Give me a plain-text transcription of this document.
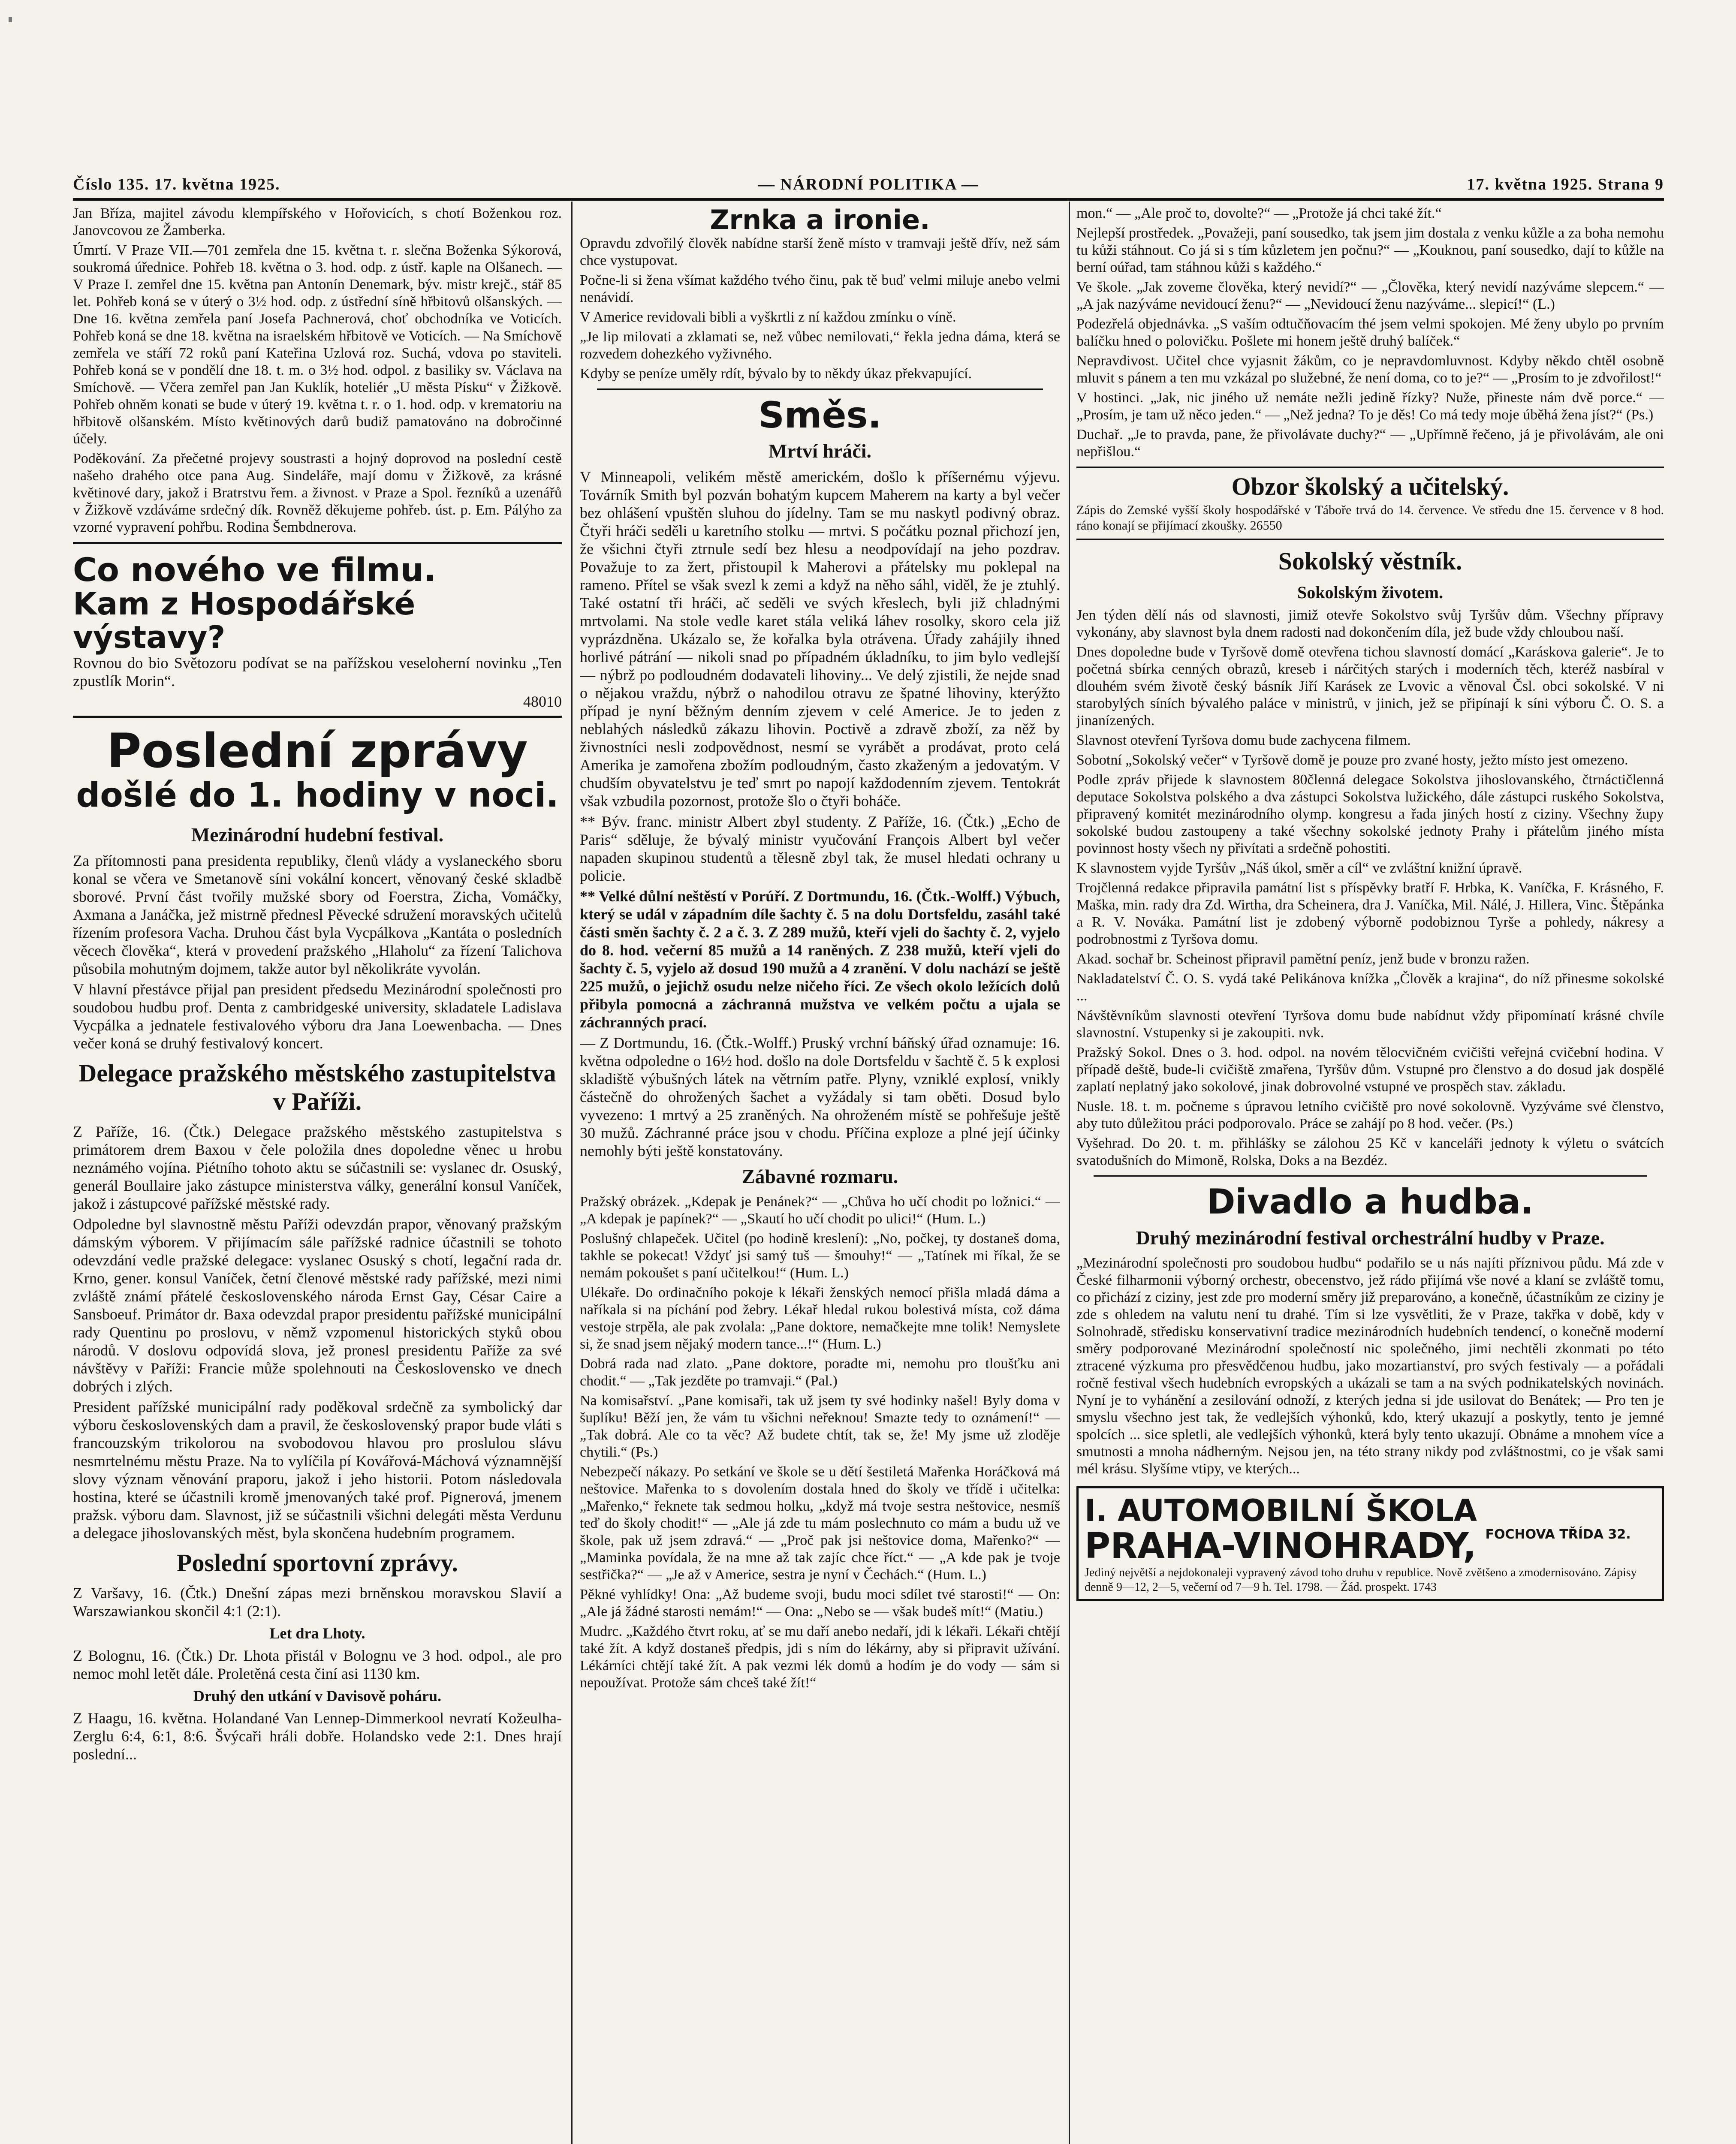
Číslo 135. 17. května 1925.	— NÁRODNÍ POLITIKA —	17. května 1925. Strana 9

Jan Bříza, majitel závodu klempířského v Hořovicích, s chotí Boženkou roz. Janovcovou ze Žamberka.

Úmrtí. V Praze VII.—701 zemřela dne 15. května t. r. slečna Boženka Sýkorová, soukromá úřednice. Pohřeb 18. května o 3. hod. odp. z ústř. kaple na Olšanech. — V Praze I. zemřel dne 15. května pan Antonín Denemark, býv. mistr krejč., stář 85 let. Pohřeb koná se v úterý o 3½ hod. odp. z ústřední síně hřbitovů olšanských. — Dne 16. května zemřela paní Josefa Pachnerová, choť obchodníka ve Voticích. Pohřeb koná se dne 18. května na israelském hřbitově ve Voticích. — Na Smíchově zemřela ve stáří 72 roků paní Kateřina Uzlová roz. Suchá, vdova po staviteli. Pohřeb koná se v pondělí dne 18. t. m. o 3½ hod. odpol. z basiliky sv. Václava na Smíchově. — Včera zemřel pan Jan Kuklík, hoteliér „U města Písku“ v Žižkově. Pohřeb ohněm konati se bude v úterý 19. května t. r. o 1. hod. odp. v krematoriu na hřbitově olšanském. Místo květinových darů budiž pamatováno na dobročinné účely.

Poděkování. Za přečetné projevy soustrasti a hojný doprovod na poslední cestě našeho drahého otce pana Aug. Sindeláře, mají domu v Žižkově, za krásné květinové dary, jakož i Bratrstvu řem. a živnost. v Praze a Spol. řezníků a uzenářů v Žižkově vzdáváme srdečný dík. Rovněž děkujeme pohřeb. úst. p. Em. Pálýho za vzorné vypravení pohřbu. Rodina Šembdnerova.

Co nového ve filmu.
Kam z Hospodářské výstavy?

Rovnou do bio Světozoru podívat se na pařížskou veseloherní novinku „Ten zpustlík Morin“.

48010

Poslední zprávy
došlé do 1. hodiny v noci.
Mezinárodní hudební festival.

Za přítomnosti pana presidenta republiky, členů vlády a vyslaneckého sboru konal se včera ve Smetanově síni vokální koncert, věnovaný české skladbě sborové. První část tvořily mužské sbory od Foerstra, Zicha, Vomáčky, Axmana a Janáčka, jež mistrně přednesl Pěvecké sdružení moravských učitelů řízením profesora Vacha. Druhou část byla Vycpálkova „Kantáta o posledních věcech člověka“, která v provedení pražského „Hlaholu“ za řízení Talichova působila mohutným dojmem, takže autor byl několikráte vyvolán.

V hlavní přestávce přijal pan president předsedu Mezinárodní společnosti pro soudobou hudbu prof. Denta z cambridgeské university, skladatele Ladislava Vycpálka a jednatele festivalového výboru dra Jana Loewenbacha. — Dnes večer koná se druhý festivalový koncert.

Delegace pražského městského zastupitelstva v Paříži.

Z Paříže, 16. (Čtk.) Delegace pražského městského zastupitelstva s primátorem drem Baxou v čele položila dnes dopoledne věnec u hrobu neznámého vojína. Piétního tohoto aktu se súčastnili se: vyslanec dr. Osuský, generál Boullaire jako zástupce ministerstva války, generální konsul Vaníček, jakož i zástupcové pařížské městské rady.

Odpoledne byl slavnostně městu Paříži odevzdán prapor, věnovaný pražským dámským výborem. V přijímacím sále pařížské radnice účastnili se tohoto odevzdání vedle pražské delegace: vyslanec Osuský s chotí, legační rada dr. Krno, gener. konsul Vaníček, četní členové městské rady pařížské, mezi nimi zvláště známí přátelé československého národa Ernst Gay, César Caire a Sansboeuf. Primátor dr. Baxa odevzdal prapor presidentu pařížské municipální rady Quentinu po proslovu, v němž vzpomenul historických styků obou národů. V doslovu odpovídá slova, jež pronesl presidentu Paříže za své návštěvy v Paříži: Francie může spolehnouti na Československo ve dnech dobrých i zlých.

President pařížské municipální rady poděkoval srdečně za symbolický dar výboru československých dam a pravil, že československý prapor bude vláti s francouzským trikolorou na svobodovou hlavou pro proslulou slávu nesmrtelnému městu Praze. Na to vylíčila pí Kovářová-Máchová významnější slovy význam věnování praporu, jakož i jeho historii. Potom následovala hostina, které se účastnili kromě jmenovaných také prof. Pignerová, jmenem pražsk. výboru dam. Slavnost, již se súčastnili všichni delegáti města Verdunu a delegace jihoslovanských měst, byla skončena hudebním programem.

Poslední sportovní zprávy.

Z Varšavy, 16. (Čtk.) Dnešní zápas mezi brněnskou moravskou Slavií a Warszawiankou skončil 4:1 (2:1).

Let dra Lhoty.

Z Bolognu, 16. (Čtk.) Dr. Lhota přistál v Bolognu ve 3 hod. odpol., ale pro nemoc mohl letět dále. Proletěná cesta činí asi 1130 km.

Druhý den utkání v Davisově poháru.

Z Haagu, 16. května. Holandané Van Lennep-Dimmerkool nevratí Kožeulha-Zerglu 6:4, 6:1, 8:6. Švýcaři hráli dobře. Holandsko vede 2:1. Dnes hrají poslední...

Zrnka a ironie.

Opravdu zdvořilý člověk nabídne starší ženě místo v tramvaji ještě dřív, než sám chce vystupovat.

Počne-li si žena všímat každého tvého činu, pak tě buď velmi miluje anebo velmi nenávidí.

V Americe revidovali bibli a vyškrtli z ní každou zmínku o víně.

„Je lip milovati a zklamati se, než vůbec nemilovati,“ řekla jedna dáma, která se rozvedem dohezkého vyživného.

Kdyby se peníze uměly rdít, bývalo by to někdy úkaz překvapující.

Směs.
Mrtví hráči.

V Minneapoli, velikém městě americkém, došlo k příšernému výjevu. Továrník Smith byl pozván bohatým kupcem Maherem na karty a byl večer bez ohlášení vpuštěn sluhou do jídelny. Tam se mu naskytl podivný obraz. Čtyři hráči seděli u karetního stolku — mrtvi. S počátku poznal přichozí jen, že všichni čtyři ztrnule sedí bez hlesu a neodpovídají na jeho pozdrav. Považuje to za žert, přistoupil k Maherovi a přátelsky mu poklepal na rameno. Přítel se však svezl k zemi a když na něho sáhl, viděl, že je ztuhlý. Také ostatní tři hráči, ač seděli ve svých křeslech, byli již chladnými mrtvolami. Na stole vedle karet stála veliká láhev rosolky, skoro cela již vyprázdněna. Ukázalo se, že kořalka byla otrávena. Úřady zahájily ihned horlivé pátrání — nikoli snad po případném úkladníku, to jim bylo vedlejší — nýbrž po podloudném dodavateli lihoviny... Ve delý zjistili, že nejde snad o nějakou vraždu, nýbrž o nahodilou otravu ze špatné lihoviny, kterýžto případ je nyní běžným denním zjevem v celé Americe. Je to jeden z neblahých následků zákazu lihovin. Poctivě a zdravě zboží, za něž by živnostníci nesli zodpovědnost, nesmí se vyrábět a prodávat, proto celá Amerika je zamořena zbožím podloudným, často zkaženým a jedovatým. V chudším obyvatelstvu je teď smrt po napojí každodenním zjevem. Tentokrát však vzbudila pozornost, protože šlo o čtyři boháče.

** Býv. franc. ministr Albert zbyl studenty. Z Paříže, 16. (Čtk.) „Echo de Paris“ sděluje, že bývalý ministr vyučování François Albert byl večer napaden skupinou studentů a tělesně zbyl tak, že musel hledati ochrany u policie.

** Velké důlní neštěstí v Porúří. Z Dortmundu, 16. (Čtk.-Wolff.) Výbuch, který se udál v západním díle šachty č. 5 na dolu Dortsfeldu, zasáhl také části směn šachty č. 2 a č. 3. Z 289 mužů, kteří vjeli do šachty č. 2, vyjelo do 8. hod. večerní 85 mužů a 14 raněných. Z 238 mužů, kteří vjeli do šachty č. 5, vyjelo až dosud 190 mužů a 4 zranění. V dolu nachází se ještě 225 mužů, o jejichž osudu nelze ničeho říci. Ze všech okolo ležících dolů přibyla pomocná a záchranná mužstva ve velkém počtu a ujala se záchranných prací.

— Z Dortmundu, 16. (Čtk.-Wolff.) Pruský vrchní báňský úřad oznamuje: 16. května odpoledne o 16½ hod. došlo na dole Dortsfeldu v šachtě č. 5 k explosi skladiště výbušných látek na větrním patře. Plyny, vzniklé explosí, vnikly částečně do ohrožených šachet a vyžádaly si tam oběti. Dosud bylo vyvezeno: 1 mrtvý a 25 zraněných. Na ohroženém místě se pohřešuje ještě 30 mužů. Záchranné práce jsou v chodu. Příčina exploze a plné její účinky nemohly býti ještě konstatovány.

Zábavné rozmaru.

Pražský obrázek. „Kdepak je Penánek?“ — „Chůva ho učí chodit po ložnici.“ — „A kdepak je papínek?“ — „Skautí ho učí chodit po ulici!“ (Hum. L.)

Poslušný chlapeček. Učitel (po hodině kreslení): „No, počkej, ty dostaneš doma, takhle se pokecat! Vždyť jsi samý tuš — šmouhy!“ — „Tatínek mi říkal, že se nemám pokoušet s paní učitelkou!“ (Hum. L.)

Ulékaře. Do ordinačního pokoje k lékaři ženských nemocí přišla mladá dáma a naříkala si na píchání pod žebry. Lékař hledal rukou bolestivá místa, což dáma vestoje strpěla, ale pak zvolala: „Pane doktore, nemačkejte mne tolik! Nemyslete si, že snad jsem nějaký modern tance...!“ (Hum. L.)

Dobrá rada nad zlato. „Pane doktore, poradte mi, nemohu pro tloušťku ani chodit.“ — „Tak jezděte po tramvaji.“ (Pal.)

Na komisařství. „Pane komisaři, tak už jsem ty své hodinky našel! Byly doma v šuplíku! Běží jen, že vám tu všichni neřeknou! Smazte tedy to oznámení!“ — „Tak dobrá. Ale co ta věc? Až budete chtít, tak se, že! My jsme už zloděje chytili.“ (Ps.)

Nebezpečí nákazy. Po setkání ve škole se u dětí šestiletá Mařenka Horáčková má neštovice. Mařenka to s dovolením dostala hned do školy ve třídě i učitelka: „Mařenko,“ řeknete tak sedmou holku, „když má tvoje sestra neštovice, nesmíš teď do školy chodit!“ — „Ale já zde tu mám poslechnuto co mám a budu už ve škole, pak už jsem zdravá.“ — „Proč pak jsi neštovice doma, Mařenko?“ — „Maminka povídala, že na mne až tak zajíc chce říct.“ — „A kde pak je tvoje sestřička?“ — „Je až v Americe, sestra je nyní v Čechách.“ (Hum. L.)

Pěkné vyhlídky! Ona: „Až budeme svoji, budu moci sdílet tvé starosti!“ — On: „Ale já žádné starosti nemám!“ — Ona: „Nebo se — však budeš mít!“ (Matiu.)

Mudrc. „Každého čtvrt roku, ať se mu daří anebo nedaří, jdi k lékaři. Lékaři chtějí také žít. A když dostaneš předpis, jdi s ním do lékárny, aby si připravit užívání. Lékárníci chtějí také žít. A pak vezmi lék domů a hodím je do vody — sám si nepoužívat. Protože sám chceš také žít!“

mon.“ — „Ale proč to, dovolte?“ — „Protože já chci také žít.“

Nejlepší prostředek. „Považeji, paní sousedko, tak jsem jim dostala z venku kůžle a za boha nemohu tu kůži stáhnout. Co já si s tím kůzletem jen počnu?“ — „Kouknou, paní sousedko, dají to kůžle na berní oúřad, tam stáhnou kůži s každého.“

Ve škole. „Jak zoveme člověka, který nevidí?“ — „Člověka, který nevidí nazýváme slepcem.“ — „A jak nazýváme nevidoucí ženu?“ — „Nevidoucí ženu nazýváme... slepicí!“ (L.)

Podezřelá objednávka. „S vaším odtučňovacím thé jsem velmi spokojen. Mé ženy ubylo po prvním balíčku hned o polovičku. Pošlete mi honem ještě druhý balíček.“

Nepravdivost. Učitel chce vyjasnit žákům, co je nepravdomluvnost. Kdyby někdo chtěl osobně mluvit s pánem a ten mu vzkázal po služebné, že není doma, co to je?“ — „Prosím to je zdvořilost!“

V hostinci. „Jak, nic jiného už nemáte nežli jedině řízky? Nuže, přineste nám dvě porce.“ — „Prosím, je tam už něco jeden.“ — „Než jedna? To je děs! Co má tedy moje úběhá žena jíst?“ (Ps.)

Duchař. „Je to pravda, pane, že přivolávate duchy?“ — „Upřímně řečeno, já je přivolávám, ale oni nepřišlou.“

Obzor školský a učitelský.

Zápis do Zemské vyšší školy hospodářské v Táboře trvá do 14. července. Ve středu dne 15. července v 8 hod. ráno konají se přijímací zkoušky. 26550

Sokolský věstník.
Sokolským životem.

Jen týden dělí nás od slavnosti, jimiž otevře Sokolstvo svůj Tyršův dům. Všechny přípravy vykonány, aby slavnost byla dnem radosti nad dokončením díla, jež bude vždy chloubou naší.

Dnes dopoledne bude v Tyršově domě otevřena tichou slavností domácí „Karáskova galerie“. Je to početná sbírka cenných obrazů, kreseb i nárčitých starých i moderních těch, kteréž nasbíral v dlouhém svém životě český básník Jiří Karásek ze Lvovic a věnoval Čsl. obci sokolské. V ni starobylých síních bývalého paláce v ministrů, v jinich, jež se připínají k síni výboru Č. O. S. a jinanízených.

Slavnost otevření Tyršova domu bude zachycena filmem.

Sobotní „Sokolský večer“ v Tyršově domě je pouze pro zvané hosty, ježto místo jest omezeno.

Podle zpráv přijede k slavnostem 80členná delegace Sokolstva jihoslovanského, čtrnáctičlenná deputace Sokolstva polského a dva zástupci Sokolstva lužického, dále zástupci ruského Sokolstva, připravený komitét mezinárodního olymp. kongresu a řada jiných hostí z ciziny. Všechny župy sokolské budou zastoupeny a také všechny sokolské jednoty Prahy i přátelům jiného místa povinnost hosty všech ny přivítati a srdečně pohostiti.

K slavnostem vyjde Tyršův „Náš úkol, směr a cíl“ ve zvláštní knižní úpravě.

Trojčlenná redakce připravila památní list s příspěvky bratří F. Hrbka, K. Vaníčka, F. Krásného, F. Maška, min. rady dra Zd. Wirtha, dra Scheinera, dra J. Vaníčka, Mil. Nálé, J. Hillera, Vinc. Štěpánka a R. V. Nováka. Památní list je zdobený výborně podobiznou Tyrše a pohledy, nákresy a podrobnostmi z Tyršova domu.

Akad. sochař br. Scheinost připravil pamětní peníz, jenž bude v bronzu ražen.

Nakladatelství Č. O. S. vydá také Pelikánova knížka „Člověk a krajina“, do níž přinesme sokolské ...

Návštěvníkům slavnosti otevření Tyršova domu bude nabídnut vždy připomínatí krásné chvíle slavnostní. Vstupenky si je zakoupiti. nvk.

Pražský Sokol. Dnes o 3. hod. odpol. na novém tělocvičném cvičišti veřejná cvičební hodina. V případě deště, bude-li cvičiště zmařena, Tyršův dům. Vstupné pro členstvo a do dosud jak dospělé zaplatí neplatný jako sokolové, jinak dobrovolné vstupné ve prospěch stav. základu.

Nusle. 18. t. m. počneme s úpravou letního cvičiště pro nové sokolovně. Vyzýváme své členstvo, aby tuto důležitou práci podporovalo. Práce se zahájí po 8 hod. večer. (Ps.)

Vyšehrad. Do 20. t. m. přihlášky se zálohou 25 Kč v kanceláři jednoty k výletu o svátcích svatodušních do Mimoně, Rolska, Doks a na Bezdéz.

Divadlo a hudba.
Druhý mezinárodní festival orchestrální hudby v Praze.

„Mezinárodní společnosti pro soudobou hudbu“ podařilo se u nás najíti příznivou půdu. Má zde v České filharmonii výborný orchestr, obecenstvo, jež rádo přijímá vše nové a klaní se zvláště tomu, co přichází z ciziny, jest zde pro moderní směry již preparováno, a konečně, účastníkům ze ciziny je zde s ohledem na valutu není tu drahé. Tím si lze vysvětliti, že v Praze, takřka v době, kdy v Solnohradě, středisku konservativní tradice mezinárodních hudebních tendencí, o konečně moderní směry podporované Mezinárodní společností nic společného, jimi nechtěli zkonmati po této ztracené výzkuma pro přesvědčenou hudbu, jako mozartianství, pro svých festivaly — a pořádali ročně festival všech hudebních evropských a ukázali se tam a na svých podnikatelských novinách. Nyní je to vyhánění a zesilování odnoží, z kterých jedna si jde usilovat do Benátek; — Pro ten je smyslu všechno jest tak, že vedlejších výhonků, kdo, který ukazují a poskytly, tento je jemné spolcích ... sice spletli, ale vedlejších výhonků, která byly tento ukazují. Obnáme a mnohem více a smutnosti a mnoha nádherným. Nejsou jen, na této strany nikdy pod zvláštnostmi, co je však sami mél krásu. Slyšíme vtipy, ve kterých...

I. AUTOMOBILNÍ ŠKOLA
PRAHA-VINOHRADY, FOCHOVA TŘÍDA 32.
Jediný největší a nejdokonaleji vypravený závod toho druhu v republice. Nově zvětšeno a zmodernisováno. Zápisy denně 9—12, 2—5, večerní od 7—9 h. Tel. 1798. — Žád. prospekt. 1743
